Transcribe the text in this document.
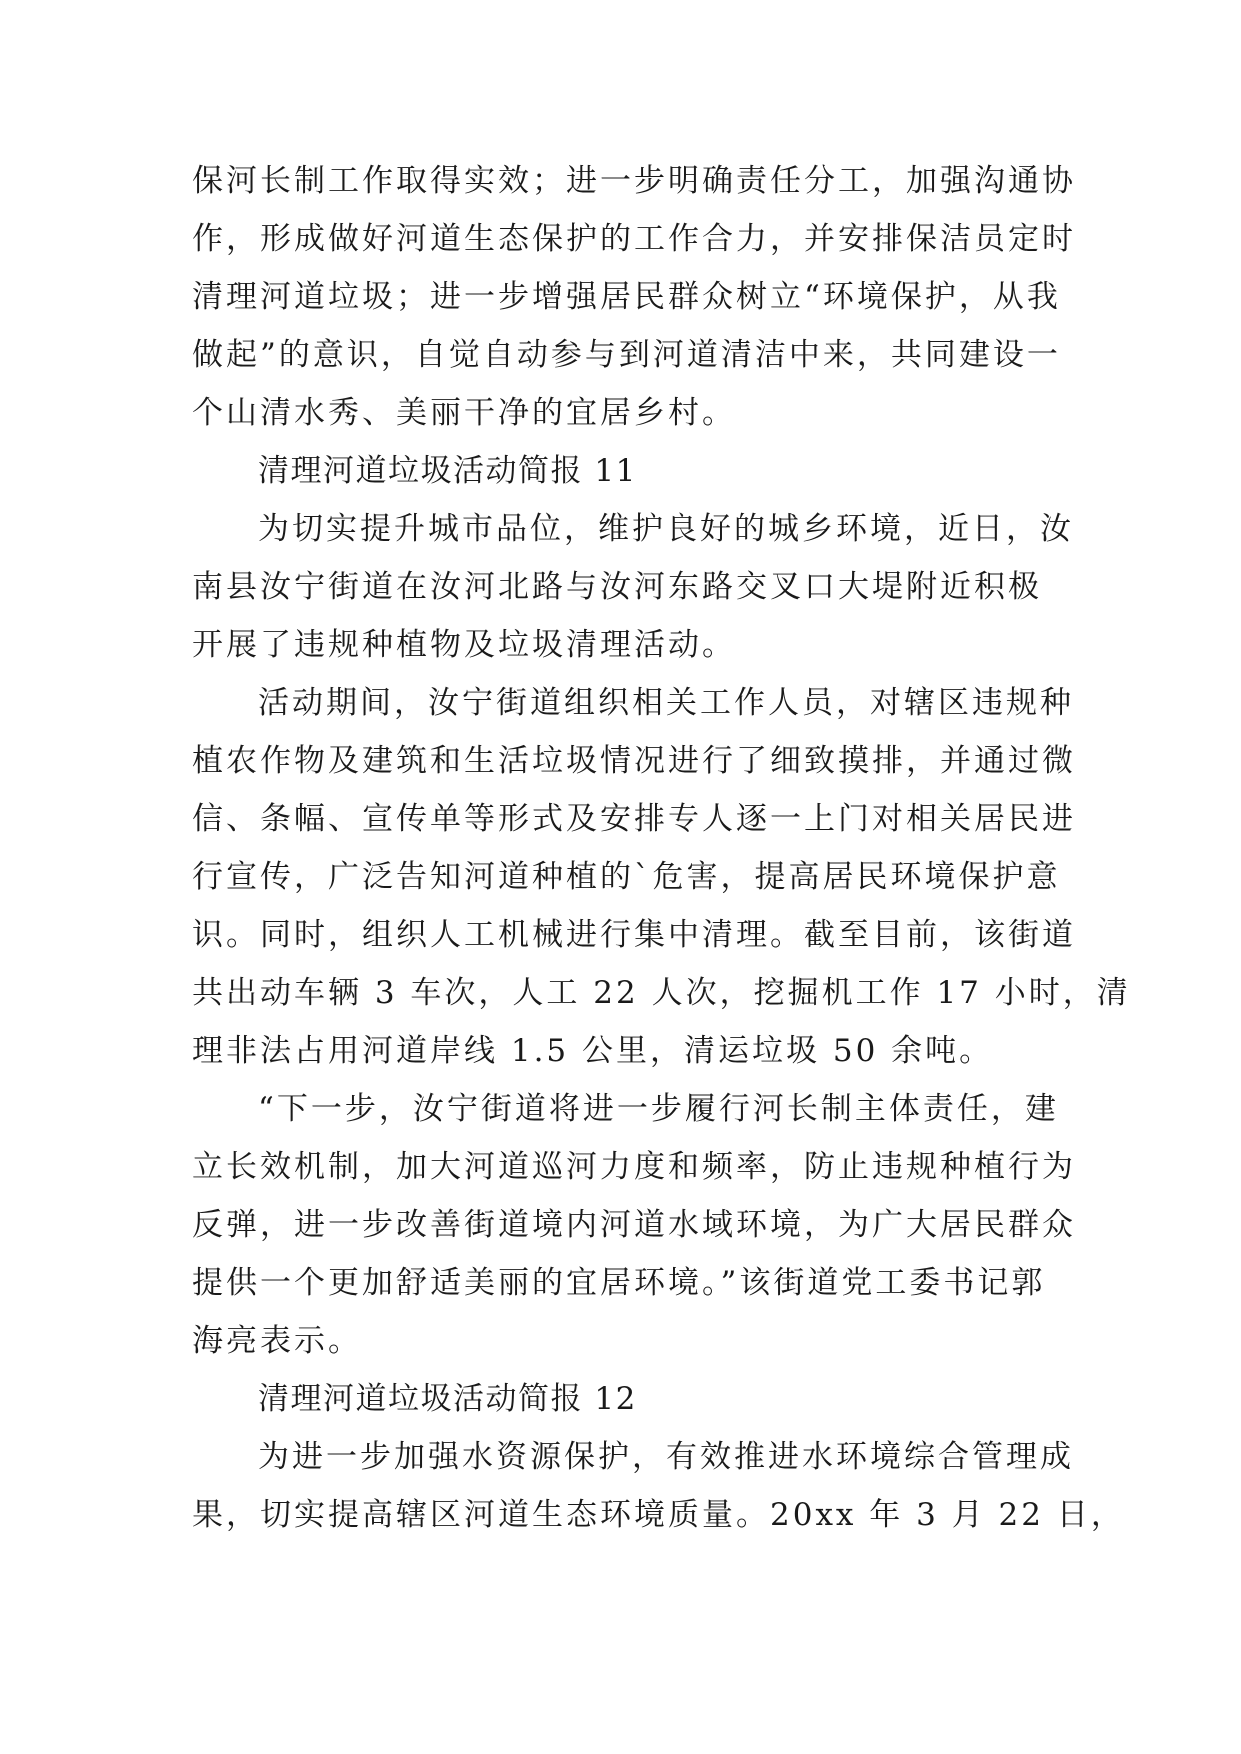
保河长制工作取得实效；进一步明确责任分工，加强沟通协
作，形成做好河道生态保护的工作合力，并安排保洁员定时
清理河道垃圾；进一步增强居民群众树立“环境保护，从我
做起”的意识，自觉自动参与到河道清洁中来，共同建设一
个山清水秀、美丽干净的宜居乡村。
清理河道垃圾活动简报 11
为切实提升城市品位，维护良好的城乡环境，近日，汝
南县汝宁街道在汝河北路与汝河东路交叉口大堤附近积极
开展了违规种植物及垃圾清理活动。
活动期间，汝宁街道组织相关工作人员，对辖区违规种
植农作物及建筑和生活垃圾情况进行了细致摸排，并通过微
信、条幅、宣传单等形式及安排专人逐一上门对相关居民进
行宣传，广泛告知河道种植的`危害，提高居民环境保护意
识。同时，组织人工机械进行集中清理。截至目前，该街道
共出动车辆 3 车次，人工 22 人次，挖掘机工作 17 小时，清
理非法占用河道岸线 1.5 公里，清运垃圾 50 余吨。
“下一步，汝宁街道将进一步履行河长制主体责任，建
立长效机制，加大河道巡河力度和频率，防止违规种植行为
反弹，进一步改善街道境内河道水域环境，为广大居民群众
提供一个更加舒适美丽的宜居环境。”该街道党工委书记郭
海亮表示。
清理河道垃圾活动简报 12
为进一步加强水资源保护，有效推进水环境综合管理成
果，切实提高辖区河道生态环境质量。20xx 年 3 月 22 日，
